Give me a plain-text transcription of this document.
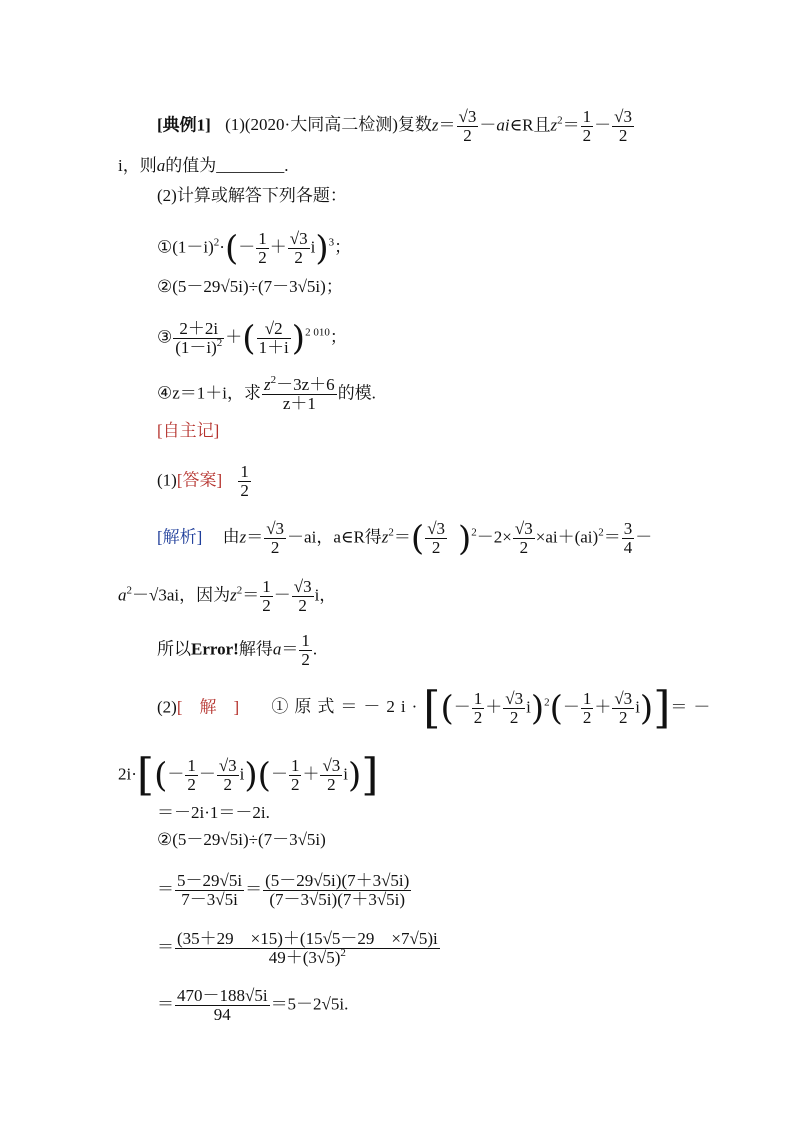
[典例1] (1)(2020·大同高二检测)复数$z= \frac{√3}{2}$ －ai∈R且$z^2= \frac{1}{2} - \frac{√3}{2}$
i，则a的值为________.
(2)计算或解答下列各题：
$①(1-i)^2\cdot(- \frac{1}{2} + \frac{√3}{2} i)^3$；
②(5－29√5i)÷(7－3√5i)；
③ $\frac{2+2i}{(1-i)^2}$ ＋( $\frac{√2}{1+i} )^{2 010}$；
④z＝1＋i，求 $\frac{z^2-3z+6}{z+1}$ 的模.
[自主记]
(1)[答案] $\frac{1}{2}$
[解析] 由$z= \frac{√3}{2} -ai$，a∈R得$z^2=( \frac{√3}{2} )^2-2\times \frac{√3}{2} \times ai+(ai)^2= \frac{3}{4}$ －
$a^2-√3ai$，因为$z^2= \frac{1}{2} - \frac{√3}{2}$ i，
所以Error!解得$a= \frac{1}{2}$ .
(2)[　解　] ①原式$=-2i\cdot[(- \frac{1}{2} + \frac{√3}{2} i)^2(- \frac{1}{2} + \frac{√3}{2} i)]=-$
$2i\cdot[(- \frac{1}{2} - \frac{√3}{2} i)(- \frac{1}{2} + \frac{√3}{2} i)]$
＝－2i·1＝－2i.
②(5－29√5i)÷(7－3√5i)
＝ $\frac{5-29√5i}{7-3√5i} = \frac{(5-29√5i)(7+3√5i)}{(7-3√5i)(7+3√5i)}$
＝ $\frac{(35+29 \times 15)+(15√5-29 \times 7√5)i}{49+(3√5)^2}$
＝ $\frac{470-188√5i}{94} =5-2√5i$.
